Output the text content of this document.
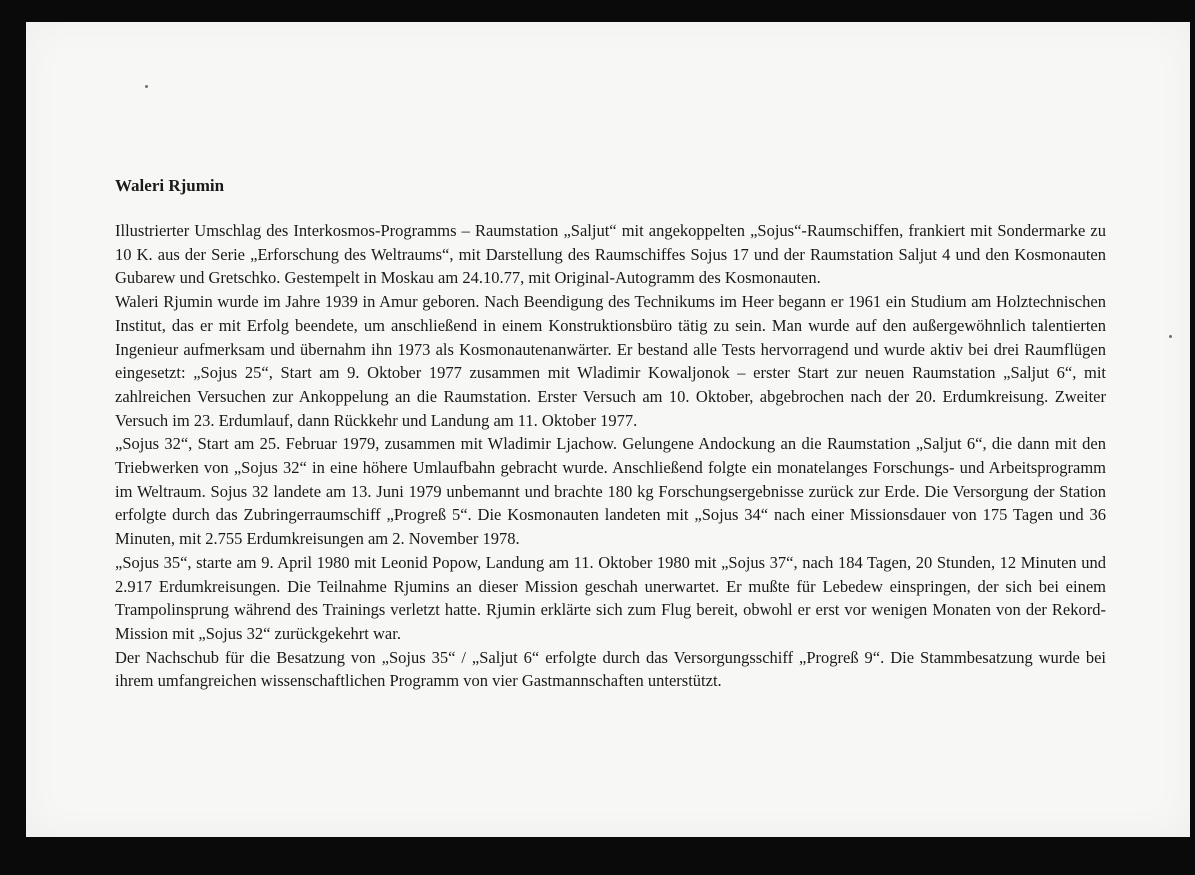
Waleri Rjumin

Illustrierter Umschlag des Interkosmos-Programms – Raumstation „Saljut“ mit angekoppelten „Sojus“-Raumschiffen, frankiert mit Sondermarke zu 10 K. aus der Serie „Erforschung des Weltraums“, mit Darstellung des Raumschiffes Sojus 17 und der Raumstation Saljut 4 und den Kosmonauten Gubarew und Gretschko. Gestempelt in Moskau am 24.10.77, mit Original-Autogramm des Kosmonauten.

Waleri Rjumin wurde im Jahre 1939 in Amur geboren. Nach Beendigung des Technikums im Heer begann er 1961 ein Studium am Holztechnischen Institut, das er mit Erfolg beendete, um anschließend in einem Konstruktionsbüro tätig zu sein. Man wurde auf den außergewöhnlich talentierten Ingenieur aufmerksam und übernahm ihn 1973 als Kosmonautenanwärter. Er bestand alle Tests hervorragend und wurde aktiv bei drei Raumflügen eingesetzt: „Sojus 25“, Start am 9. Oktober 1977 zusammen mit Wladimir Kowaljonok – erster Start zur neuen Raumstation „Saljut 6“, mit zahlreichen Versuchen zur Ankoppelung an die Raumstation. Erster Versuch am 10. Oktober, abgebrochen nach der 20. Erdumkreisung. Zweiter Versuch im 23. Erdumlauf, dann Rückkehr und Landung am 11. Oktober 1977.

„Sojus 32“, Start am 25. Februar 1979, zusammen mit Wladimir Ljachow. Gelungene Andockung an die Raumstation „Saljut 6“, die dann mit den Triebwerken von „Sojus 32“ in eine höhere Umlaufbahn gebracht wurde. Anschließend folgte ein monatelanges Forschungs- und Arbeitsprogramm im Weltraum. Sojus 32 landete am 13. Juni 1979 unbemannt und brachte 180 kg Forschungsergebnisse zurück zur Erde. Die Versorgung der Station erfolgte durch das Zubringerraumschiff „Progreß 5“. Die Kosmonauten landeten mit „Sojus 34“ nach einer Missionsdauer von 175 Tagen und 36 Minuten, mit 2.755 Erdumkreisungen am 2. November 1978.

„Sojus 35“, starte am 9. April 1980 mit Leonid Popow, Landung am 11. Oktober 1980 mit „Sojus 37“, nach 184 Tagen, 20 Stunden, 12 Minuten und 2.917 Erdumkreisungen. Die Teilnahme Rjumins an dieser Mission geschah unerwartet. Er mußte für Lebedew einspringen, der sich bei einem Trampolinsprung während des Trainings verletzt hatte. Rjumin erklärte sich zum Flug bereit, obwohl er erst vor wenigen Monaten von der Rekord-Mission mit „Sojus 32“ zurückgekehrt war.

Der Nachschub für die Besatzung von „Sojus 35“ / „Saljut 6“ erfolgte durch das Versorgungsschiff „Progreß 9“. Die Stammbesatzung wurde bei ihrem umfangreichen wissenschaftlichen Programm von vier Gastmannschaften unterstützt.
